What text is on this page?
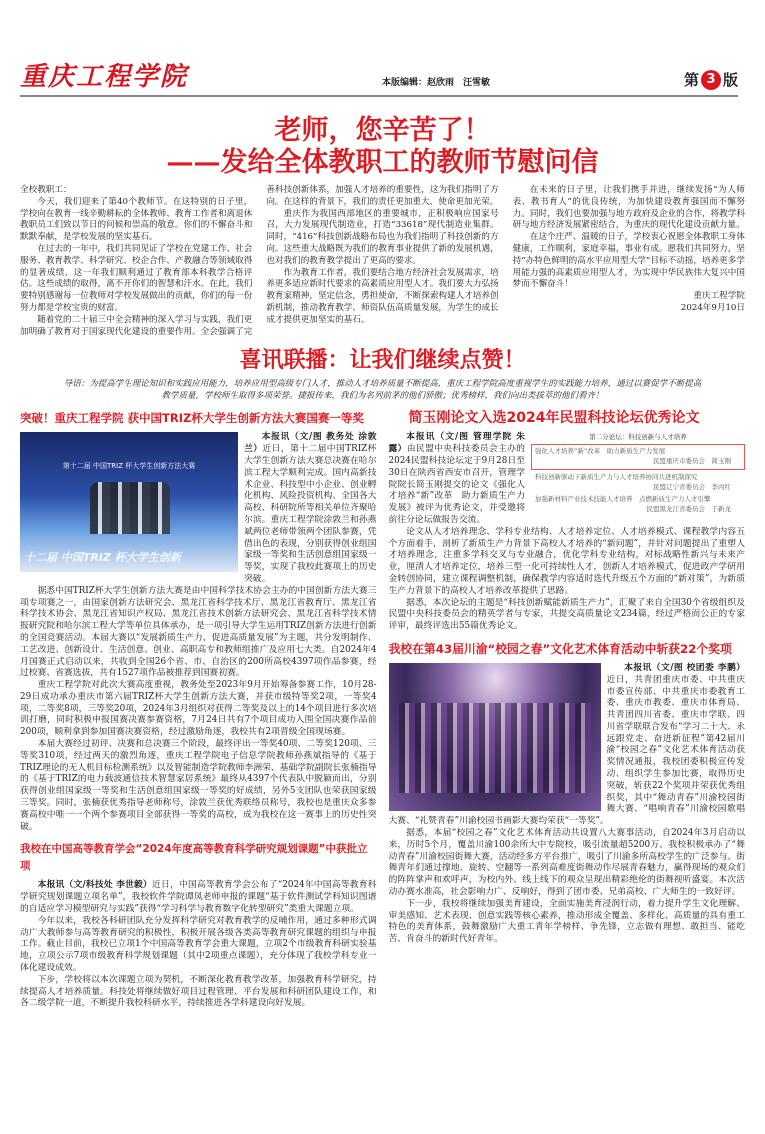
重庆工程学院	本版编辑：赵欣雨　汪雪敏	第 3 版
老师，您辛苦了！
——发给全体教职工的教师节慰问信

全校教职工：

今天，我们迎来了第40个教师节。在这特别的日子里，学校向在教育一线辛勤耕耘的全体教师、教育工作者和离退休教职员工们致以节日的问候和崇高的敬意。你们的不懈奋斗和默默奉献，是学校发展的坚实基石。

在过去的一年中，我们共同见证了学校在党建工作、社会服务、教育教学、科学研究、校企合作、产教融合等领域取得的显著成绩，这一年我们顺利通过了教育部本科教学合格评估。这些成绩的取得，离不开你们的智慧和汗水。在此，我们要特别感谢每一位教师对学校发展做出的贡献，你们的每一份努力都是学校宝贵的财富。

随着党的二十届三中全会精神的深入学习与实践，我们更加明确了教育对于国家现代化建设的重要作用。全会强调了完善科技创新体系，加强人才培养的重要性，这为我们指明了方向。在这样的背景下，我们的责任更加重大，使命更加光荣。

重庆作为我国西部地区的重要城市，正积极响应国家号召，大力发展现代制造业，打造“33618”现代制造业集群。同时，“416”科技创新战略布局也为我们指明了科技创新的方向。这些重大战略既为我们的教育事业提供了新的发展机遇，也对我们的教育教学提出了更高的要求。

作为教育工作者，我们要结合地方经济社会发展需求，培养更多适应新时代要求的高素质应用型人才。我们要大力弘扬教育家精神，坚定信念，勇担使命，不断探索构建人才培养创新机制，推动教育教学、师资队伍高质量发展，为学生的成长成才提供更加坚实的基石。

在未来的日子里，让我们携手并进，继续发扬“为人师表、教书育人”的优良传统，为加快建设教育强国而不懈努力。同时，我们也要加强与地方政府及企业的合作，将教学科研与地方经济发展紧密结合，为重庆的现代化建设贡献力量。

在这个庄严、温暖的日子，学校衷心祝愿全体教职工身体健康，工作顺利，家庭幸福，事业有成。愿我们共同努力，坚持“办特色鲜明的高水平应用型大学”目标不动摇，培养更多学用能力强的高素质应用型人才，为实现中华民族伟大复兴中国梦而不懈奋斗！

重庆工程学院

2024年9月10日

喜讯联播：让我们继续点赞！
导语：为提高学生理论知识和实践应用能力，培养应用型高级专门人才，推动人才培养质量不断提高，重庆工程学院高度重视学生的实践能力培养，通过以赛促学不断提高教学质量，学校师生取得多项荣誉。捷报传来，我们为名列前茅的他们骄傲；优秀榜样，我们向出类拔萃的他们看齐！
突破！重庆工程学院 获中国TRIZ杯大学生创新方法大赛国赛一等奖
第十二届 中国TRIZ 杯大学生创新方法大赛
十二届 中国TRIZ 杯大学生创新

本报讯（文/图 教务处 涂敦兰）近日，第十二届中国TRIZ杯大学生创新方法大赛总决赛在哈尔滨工程大学顺利完成。国内高新技术企业、科技型中小企业、创业孵化机构、风险投资机构、全国各大高校、科研院所等相关单位齐聚哈尔滨。重庆工程学院涂敦兰和孙燕斌两位老师带领两个团队参赛，凭借出色的表现，分别获得创业组国家级一等奖和生活创意组国家级一等奖，实现了我校此赛项上的历史突破。

据悉中国TRIZ杯大学生创新方法大赛是由中国科学技术协会主办的中国创新方法大赛三项专项赛之一，由国家创新方法研究会、黑龙江省科学技术厅、黑龙江省教育厅、黑龙江省科学技术协会、黑龙江省知识产权局、黑龙江省技术创新方法研究会、黑龙江省科学技术情报研究院和哈尔滨工程大学等单位具体承办，是一项引导大学生运用TRIZ创新方法进行创新的全国竞赛活动。本届大赛以“发展新质生产力，促进高质量发展”为主题，共分发明制作、工艺改进、创新设计、生活创意、创业、高职高专和教师组推广及应用七大类。自2024年4月国赛正式启动以来，共收到全国26个省、市、自治区的200所高校4397项作品参赛，经过校赛、省赛选拔，共有1527项作品被推荐到国赛初赛。

重庆工程学院对此次大赛高度重视，教务处至2023年9月开始筹备参赛工作，10月28-29日成功承办重庆市第六届TRIZ杯大学生创新方法大赛，并获市级特等奖2项，一等奖4项，二等奖8项，三等奖20项，2024年3月组织对获得二等奖及以上的14个项目进行多次培训打磨，同时积极申报国赛决赛参赛资格，7月24日共有7个项目成功入围全国决赛作品前200项，顺利拿到参加国赛决赛资格，经过激励角逐，我校共有2项晋级全国现场赛。

本届大赛经过初评、决赛和总决赛三个阶段，最终评出一等奖40项、二等奖120项、三等奖310项，经过两天的激烈角逐，重庆工程学院电子信息学院教师孙燕斌指导的《基于TRIZ理论的无人机目标检测系统》以及智能制造学院教师李洲荣、基础学院副院长张楠指导的《基于TRIZ的电力载波通信技术智慧家居系统》最终从4397个代表队中脱颖而出，分别获得创业组国家级一等奖和生活创意组国家级一等奖的好成绩，另外5支团队也荣获国家级三等奖。同时，张楠获优秀指导老师称号，涂敦兰获优秀联络员称号，我校也是重庆众多参赛高校中唯一一个两个参赛项目全部获得一等奖的高校，成为我校在这一赛事上的历史性突破。

我校在中国高等教育学会“2024年度高等教育科学研究规划课题”中获批立项

本报讯（文/科技处 李世毅）近日，中国高等教育学会公布了“2024年中国高等教育科学研究规划课题立项名单”，我校软件学院谭凤老师申报的课题“基于软件测试学科知识图谱的自适应学习模型研究与实践”获得“学习科学与教育数字化转型研究”类重大课题立项。

今年以来，我校各科研团队充分发挥科学研究对教育教学的反哺作用，通过多种形式调动广大教师参与高等教育研究的积极性，积极开展各级各类高等教育研究课题的组织与申报工作。截止目前，我校已立项1个中国高等教育学会重大课题，立项2个市级教育科研实验基地，立项公示7项市级教育科学规划课题（其中2项重点课题），充分体现了我校学科专业一体化建设成效。

下步，学校将以本次课题立项为契机，不断深化教育教学改革，加强教育科学研究，持续提高人才培养质量。科技处将继续做好项目过程管理、平台发展和科研团队建设工作，和各二级学院一道，不断提升我校科研水平，持续推进各学科建设向好发展。

简玉刚论文入选2024年民盟科技论坛优秀论文
第二分论坛：科技创新与人才培养
强化人才培养“新”改革　助力新质生产力发展
民盟重庆市委员会　简玉刚
科技创新驱动下新质生产力与人才培养协同共进机制探究
民盟辽宁省委员会　李丙红
加强新材料产业技术技能人才培养　点燃新质生产力人才引擎
民盟黑龙江省委员会　于新龙

本报讯（文/图 管理学院 朱露）由民盟中央科技委员会主办的2024民盟科技论坛定于9月28日至30日在陕西省西安市召开，管理学院院长简玉刚提交的论文《强化人才培养“新”改革　助力新质生产力发展》被评为优秀论文，并受邀将前往分论坛做报告交流。

论文从人才培养理念、学科专业结构、人才培养定位、人才培养模式、课程教学内容五个方面着手，剖析了新质生产力背景下高校人才培养的“新问题”，并针对问题提出了重塑人才培养理念，注重多学科交叉与专业融合，优化学科专业结构，对标战略性新兴与未来产业，厘清人才培养定位，培养三型一化可持续性人才，创新人才培养模式，促进政产学研用金转创协同，建立课程调整机制，确保教学内容适时迭代升级五个方面的“新对策”，为新质生产力背景下的高校人才培养改革提供了思路。

据悉，本次论坛的主题是“科技创新赋能新质生产力”，汇聚了来自全国30个省级组织及民盟中央科技委员会的精英学者与专家，共提交高质量论文234篇，经过严格而公正的专家评审，最终评选出55篇优秀论文。

我校在第43届川渝“校园之春”文化艺术体育活动中斩获22个奖项

本报讯（文/图 校团委 李鹏）近日，共青团重庆市委、中共重庆市委宣传部、中共重庆市委教育工委、重庆市教委、重庆市体育局、共青团四川省委、重庆市学联、四川省学联联合发布“学习二十大、永远跟党走、奋进新征程”第42届川渝“校园之春”文化艺术体育活动获奖情况通报，我校团委积极宣传发动、组织学生参加比赛，取得历史突破，斩获22个奖项并荣获优秀组织奖，其中“舞动青春”川渝校园街舞大赛、“唱响青春”川渝校园歌唱大赛、“礼赞青春”川渝校园书画影大赛均荣获“一等奖”。

据悉，本届“校园之春”文化艺术体育活动共设置八大赛事活动，自2024年3月启动以来，历时5个月，覆盖川渝100余所大中专院校，吸引流量超5200万。我校积极承办了“舞动青春”川渝校园街舞大赛，活动经多方平台推广，吸引了川渝多所高校学生的广泛参与。街舞青年们通过撑地、旋转、空翻等一系列高难度街舞动作尽展青春魅力，赢得现场的观众们的阵阵掌声和欢呼声，为校内外、线上线下的观众呈现出精彩绝伦的街舞视听盛宴。本次活动办赛水准高，社会影响力广、反响好，得到了团市委、兄弟高校、广大师生的一致好评。

下一步，我校将继续加强美育建设，全面实施美育浸润行动，着力提升学生文化理解、审美感知、艺术表现、创意实践等核心素养，推动形成全覆盖、多样化、高质量的具有重工特色的美育体系，鼓舞激励广大重工青年学榜样、争先锋，立志做有理想、敢担当、能吃苦、肯奋斗的新时代好青年。
